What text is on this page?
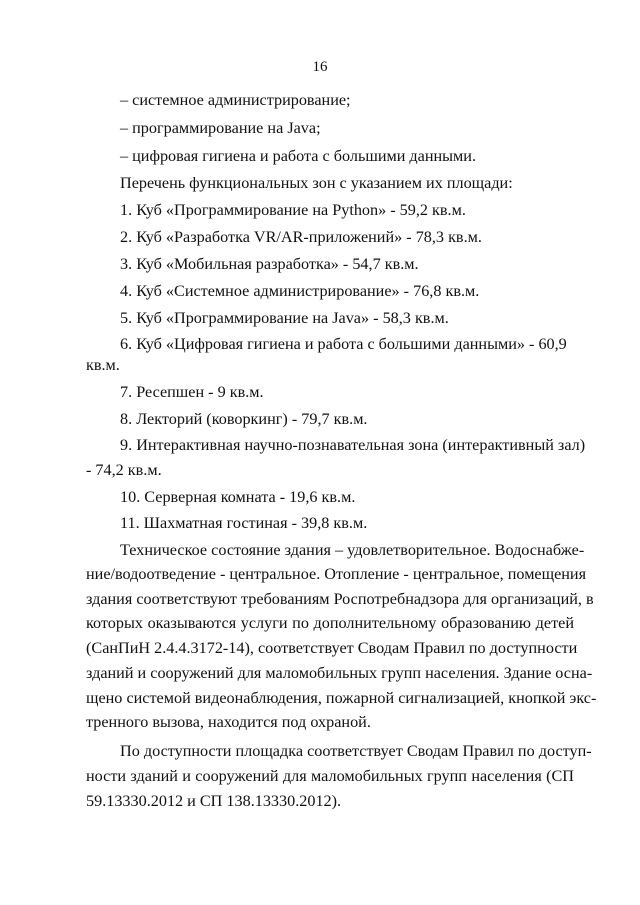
16
– системное администрирование;
– программирование на Java;
– цифровая гигиена и работа с большими данными.
Перечень функциональных зон с указанием их площади:
1. Куб «Программирование на Python» - 59,2 кв.м.
2. Куб «Разработка VR/AR-приложений» - 78,3 кв.м.
3. Куб «Мобильная разработка» - 54,7 кв.м.
4. Куб «Системное администрирование» - 76,8 кв.м.
5. Куб «Программирование на Java» - 58,3 кв.м.
6. Куб «Цифровая гигиена и работа с большими данными» - 60,9
кв.м.
7. Ресепшен - 9 кв.м.
8. Лекторий (коворкинг) - 79,7 кв.м.
9. Интерактивная научно-познавательная зона (интерактивный зал)
- 74,2 кв.м.
10. Серверная комната - 19,6 кв.м.
11. Шахматная гостиная - 39,8 кв.м.
Техническое состояние здания – удовлетворительное. Водоснабже-
ние/водоотведение - центральное. Отопление - центральное, помещения
здания соответствуют требованиям Роспотребнадзора для организаций, в
которых оказываются услуги по дополнительному образованию детей
(СанПиН 2.4.4.3172-14), соответствует Сводам Правил по доступности
зданий и сооружений для маломобильных групп населения. Здание осна-
щено системой видеонаблюдения, пожарной сигнализацией, кнопкой экс-
тренного вызова, находится под охраной.
По доступности площадка соответствует Сводам Правил по доступ-
ности зданий и сооружений для маломобильных групп населения (СП
59.13330.2012 и СП 138.13330.2012).
